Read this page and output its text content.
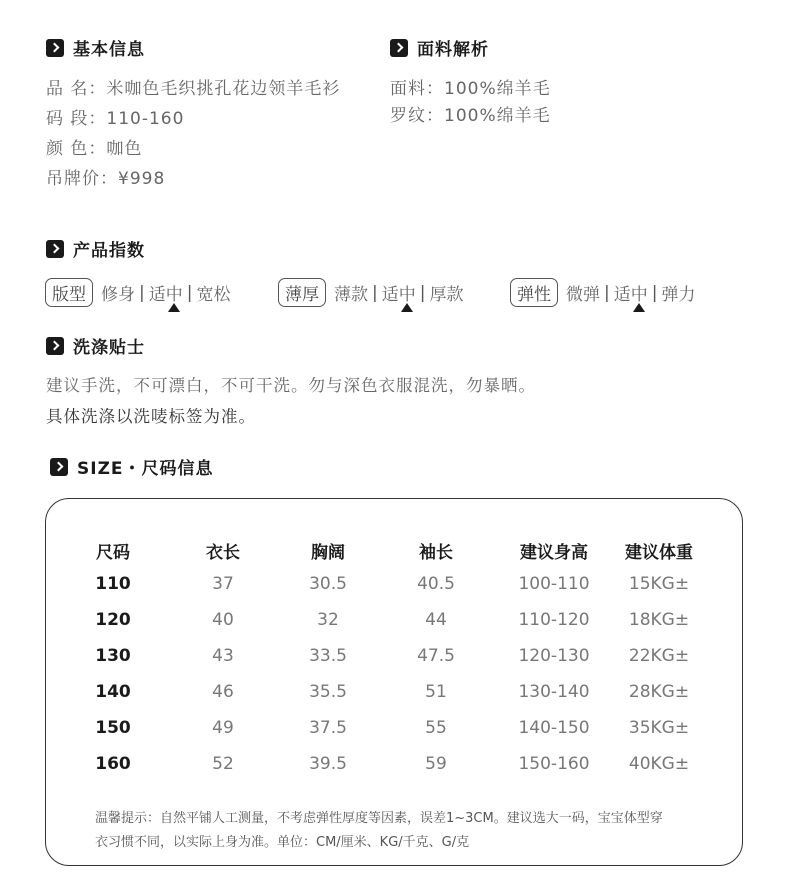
基本信息
品 名：米咖色毛织挑孔花边领羊毛衫
码 段：110-160
颜 色：咖色
吊牌价：¥998
面料解析
面料：100%绵羊毛
罗纹：100%绵羊毛
产品指数
版型 修身 | 适中 | 宽松	薄厚 薄款 | 适中 | 厚款	弹性 微弹 | 适中 | 弹力
洗涤贴士
建议手洗，不可漂白，不可干洗。勿与深色衣服混洗，勿暴晒。
具体洗涤以洗唛标签为准。
SIZE・尺码信息
尺码	衣长	胸阔	袖长	建议身高	建议体重
110	37	30.5	40.5	100-110	15KG±
120	40	32	44	110-120	18KG±
130	43	33.5	47.5	120-130	22KG±
140	46	35.5	51	130-140	28KG±
150	49	37.5	55	140-150	35KG±
160	52	39.5	59	150-160	40KG±
温馨提示：自然平铺人工测量，不考虑弹性厚度等因素，误差1~3CM。建议选大一码，宝宝体型穿
衣习惯不同，以实际上身为准。单位：CM/厘米、KG/千克、G/克
